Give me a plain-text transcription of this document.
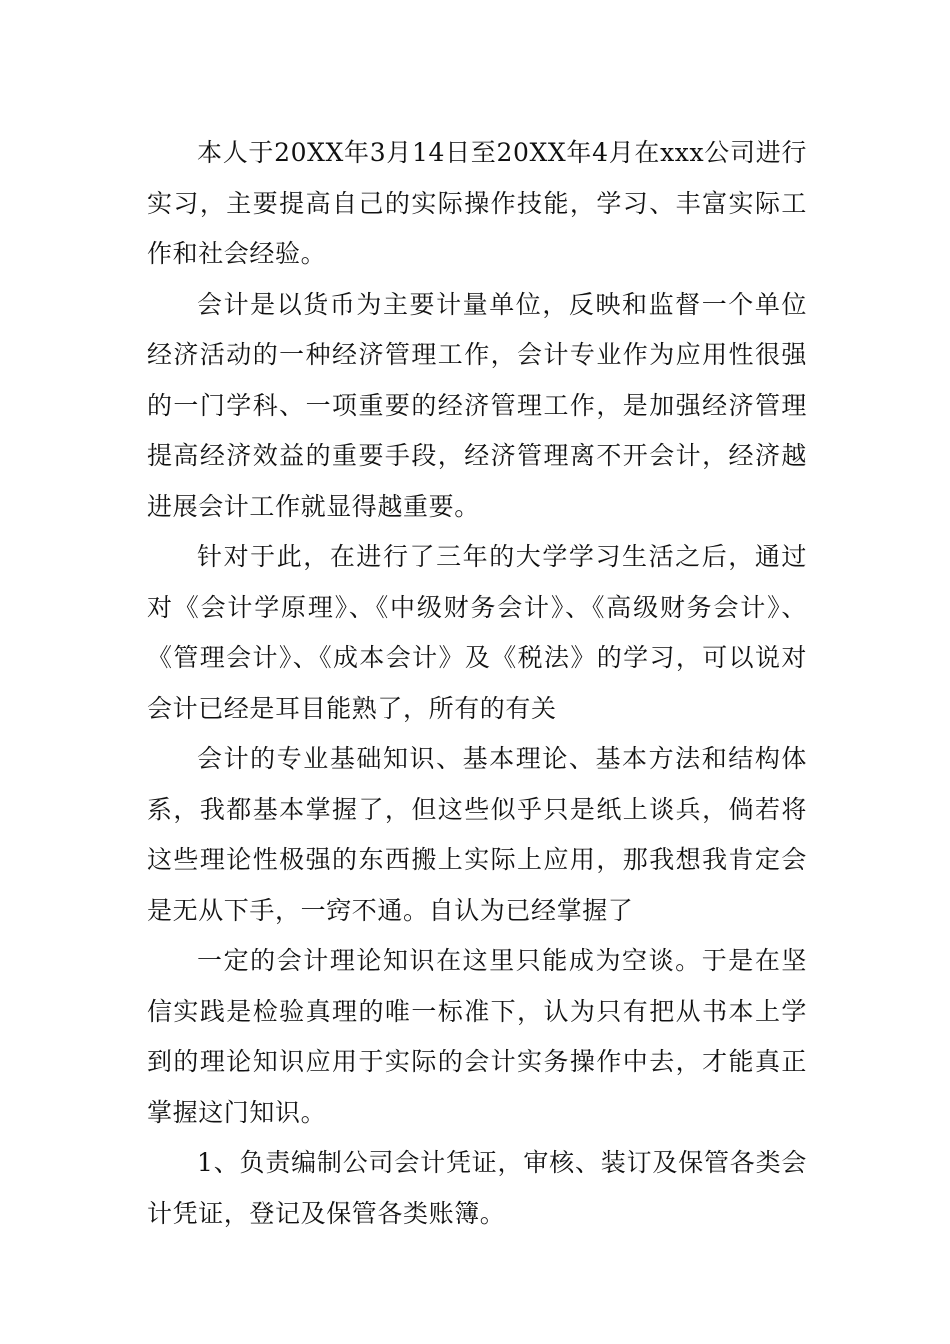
本人于20XX年3月14日至20XX年4月在xxx公司进行实习，主要提高自己的实际操作技能，学习、丰富实际工作和社会经验。

会计是以货币为主要计量单位，反映和监督一个单位经济活动的一种经济管理工作，会计专业作为应用性很强的一门学科、一项重要的经济管理工作，是加强经济管理提高经济效益的重要手段，经济管理离不开会计，经济越进展会计工作就显得越重要。

针对于此，在进行了三年的大学学习生活之后，通过对《会计学原理》、《中级财务会计》、《高级财务会计》、《管理会计》、《成本会计》及《税法》的学习，可以说对会计已经是耳目能熟了，所有的有关

会计的专业基础知识、基本理论、基本方法和结构体系，我都基本掌握了，但这些似乎只是纸上谈兵，倘若将这些理论性极强的东西搬上实际上应用，那我想我肯定会是无从下手，一窍不通。自认为已经掌握了

一定的会计理论知识在这里只能成为空谈。于是在坚信实践是检验真理的唯一标准下，认为只有把从书本上学到的理论知识应用于实际的会计实务操作中去，才能真正掌握这门知识。

1、负责编制公司会计凭证，审核、装订及保管各类会计凭证，登记及保管各类账簿。
